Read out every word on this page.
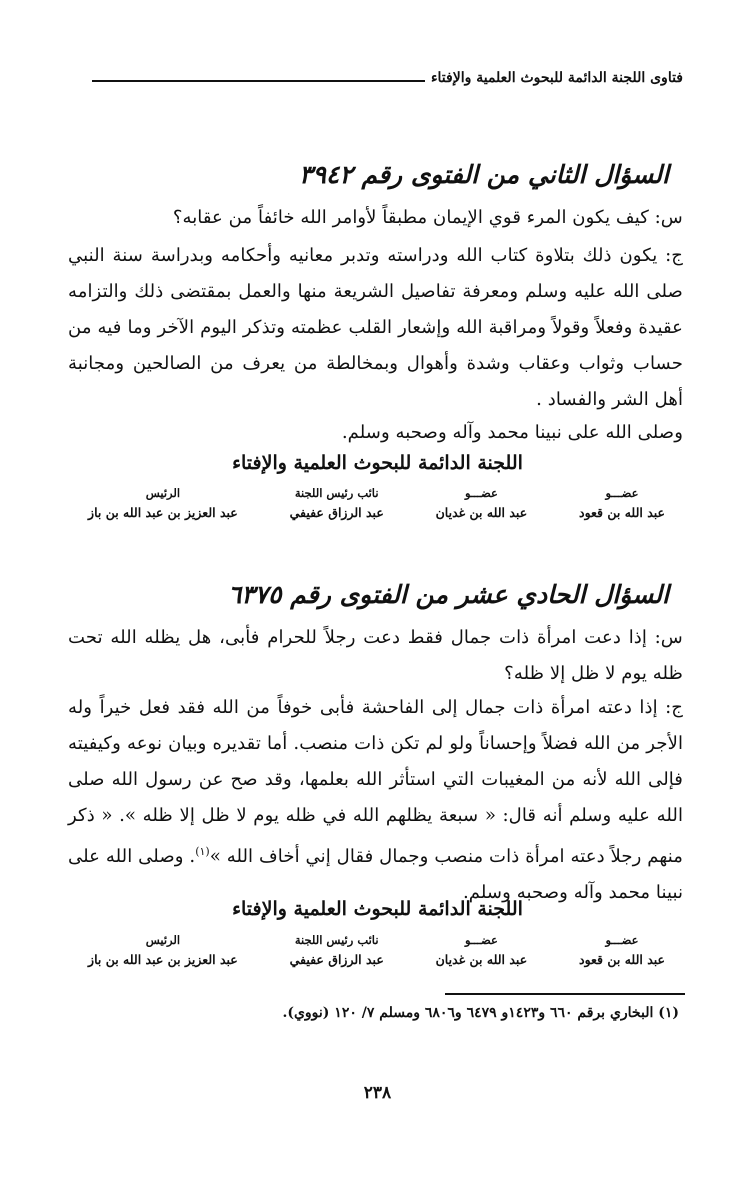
فتاوى اللجنة الدائمة للبحوث العلمية والإفتاء
السؤال الثاني من الفتوى رقم ٣٩٤٢
س: كيف يكون المرء قوي الإيمان مطبقاً لأوامر الله خائفاً من عقابه؟
ج: يكون ذلك بتلاوة كتاب الله ودراسته وتدبر معانيه وأحكامه وبدراسة سنة النبي صلى الله عليه وسلم ومعرفة تفاصيل الشريعة منها والعمل بمقتضى ذلك والتزامه عقيدة وفعلاً وقولاً ومراقبة الله وإشعار القلب عظمته وتذكر اليوم الآخر وما فيه من حساب وثواب وعقاب وشدة وأهوال وبمخالطة من يعرف من الصالحين ومجانبة أهل الشر والفساد .
وصلى الله على نبينا محمد وآله وصحبه وسلم.
اللجنة الدائمة للبحوث العلمية والإفتاء
عضـــو
عبد الله بن قعود
عضـــو
عبد الله بن غديان
نائب رئيس اللجنة
عبد الرزاق عفيفي
الرئيس
عبد العزيز بن عبد الله بن باز
السؤال الحادي عشر من الفتوى رقم ٦٣٧٥
س: إذا دعت امرأة ذات جمال فقط دعت رجلاً للحرام فأبى، هل يظله الله تحت ظله يوم لا ظل إلا ظله؟
ج: إذا دعته امرأة ذات جمال إلى الفاحشة فأبى خوفاً من الله فقد فعل خيراً وله الأجر من الله فضلاً وإحساناً ولو لم تكن ذات منصب. أما تقديره وبيان نوعه وكيفيته فإلى الله لأنه من المغيبات التي استأثر الله بعلمها، وقد صح عن رسول الله صلى الله عليه وسلم أنه قال: « سبعة يظلهم الله في ظله يوم لا ظل إلا ظله ». « ذكر منهم رجلاً دعته امرأة ذات منصب وجمال فقال إني أخاف الله »$^{(١)}$. وصلى الله على نبينا محمد وآله وصحبه وسلم.
اللجنة الدائمة للبحوث العلمية والإفتاء
عضـــو
عبد الله بن قعود
عضـــو
عبد الله بن غديان
نائب رئيس اللجنة
عبد الرزاق عفيفي
الرئيس
عبد العزيز بن عبد الله بن باز
(١) البخاري برقم ٦٦٠ و١٤٢٣و ٦٤٧٩ و٦٨٠٦ ومسلم ٧/ ١٢٠ (نووي).
٢٣٨
